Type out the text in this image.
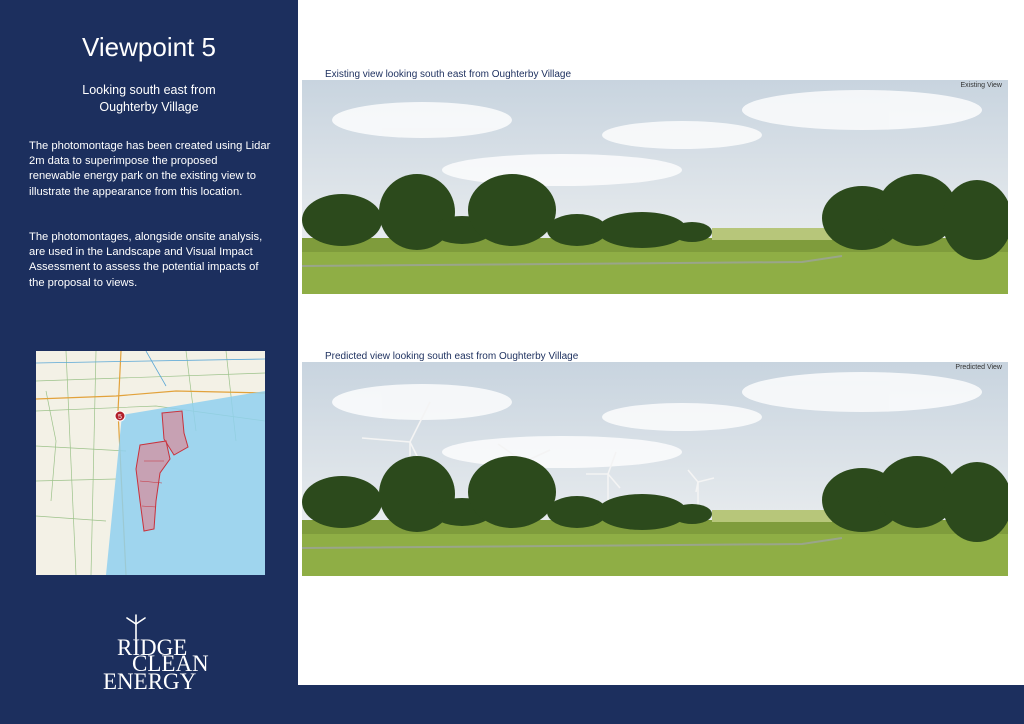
Viewpoint 5
Looking south east from
Oughterby Village
The photomontage has been created using Lidar 2m data to superimpose the proposed renewable energy park on the existing view to illustrate the appearance from this location.
The photomontages, alongside onsite analysis, are used in the Landscape and Visual Impact Assessment to assess the potential impacts of the proposal to views.
5
RIDGE
CLEAN
ENERGY
Existing view looking south east from Oughterby Village
Existing View
Predicted view looking south east from Oughterby Village
Predicted View
